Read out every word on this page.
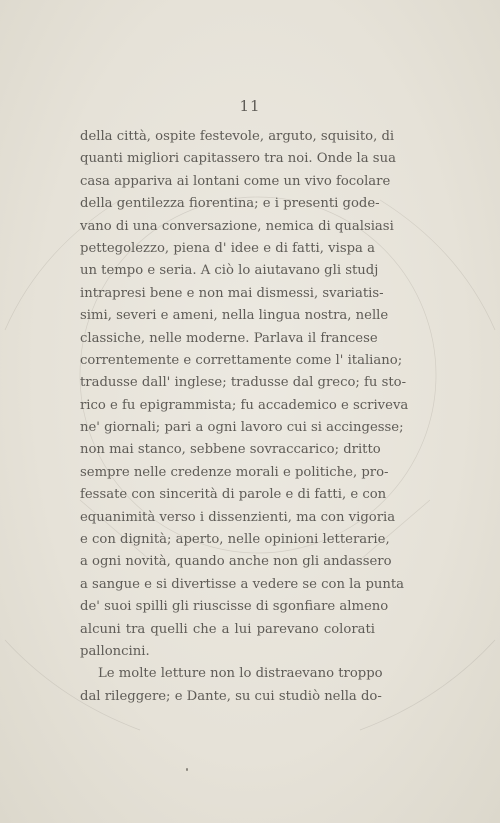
11
della città, ospite festevole, arguto, squisito, di
quanti migliori capitassero tra noi. Onde la sua
casa appariva ai lontani come un vivo focolare
della gentilezza fiorentina; e i presenti gode-
vano di una conversazione, nemica di qualsiasi
pettegolezzo, piena d' idee e di fatti, vispa a
un tempo e seria. A ciò lo aiutavano gli studj
intrapresi bene e non mai dismessi, svariatis-
simi, severi e ameni, nella lingua nostra, nelle
classiche, nelle moderne. Parlava il francese
correntemente e correttamente come l' italiano;
tradusse dall' inglese; tradusse dal greco; fu sto-
rico e fu epigrammista; fu accademico e scriveva
ne' giornali; pari a ogni lavoro cui si accingesse;
non mai stanco, sebbene sovraccarico; dritto
sempre nelle credenze morali e politiche, pro-
fessate con sincerità di parole e di fatti, e con
equanimità verso i dissenzienti, ma con vigoria
e con dignità; aperto, nelle opinioni letterarie,
a ogni novità, quando anche non gli andassero
a sangue e si divertisse a vedere se con la punta
de' suoi spilli gli riuscisse di sgonfiare almeno
alcuni tra quelli che a lui parevano colorati
palloncini.
Le molte letture non lo distraevano troppo
dal rileggere; e Dante, su cui studiò nella do-
